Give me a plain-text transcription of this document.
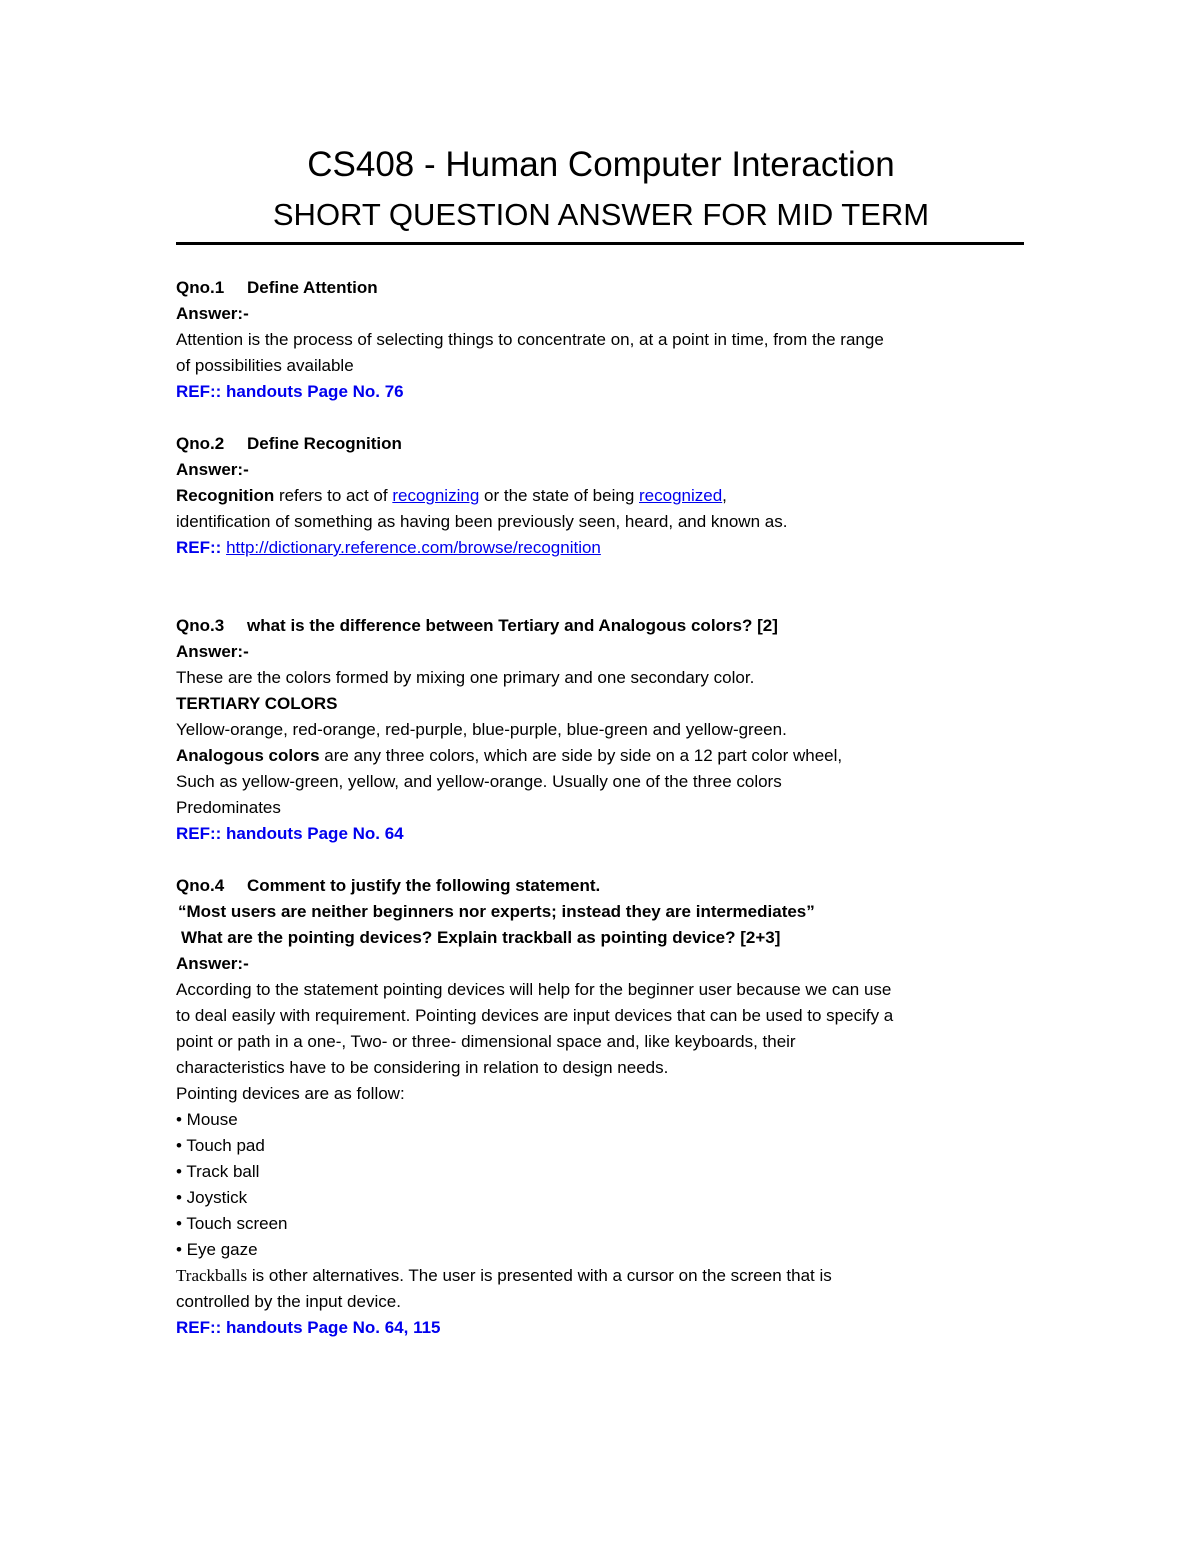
CS408 - Human Computer Interaction
SHORT QUESTION ANSWER FOR MID TERM
Qno.1 Define Attention
Answer:-
Attention is the process of selecting things to concentrate on, at a point in time, from the range
of possibilities available
REF:: handouts Page No. 76
Qno.2 Define Recognition
Answer:-
Recognition refers to act of recognizing or the state of being recognized,
identification of something as having been previously seen, heard, and known as.
REF:: http://dictionary.reference.com/browse/recognition
Qno.3 what is the difference between Tertiary and Analogous colors? [2]
Answer:-
These are the colors formed by mixing one primary and one secondary color.
TERTIARY COLORS
Yellow-orange, red-orange, red-purple, blue-purple, blue-green and yellow-green.
Analogous colors are any three colors, which are side by side on a 12 part color wheel,
Such as yellow-green, yellow, and yellow-orange. Usually one of the three colors
Predominates
REF:: handouts Page No. 64
Qno.4 Comment to justify the following statement.
“Most users are neither beginners nor experts; instead they are intermediates”
What are the pointing devices? Explain trackball as pointing device? [2+3]
Answer:-
According to the statement pointing devices will help for the beginner user because we can use
to deal easily with requirement. Pointing devices are input devices that can be used to specify a
point or path in a one-, Two- or three- dimensional space and, like keyboards, their
characteristics have to be considering in relation to design needs.
Pointing devices are as follow:
• Mouse
• Touch pad
• Track ball
• Joystick
• Touch screen
• Eye gaze
Trackballs is other alternatives. The user is presented with a cursor on the screen that is
controlled by the input device.
REF:: handouts Page No. 64, 115
